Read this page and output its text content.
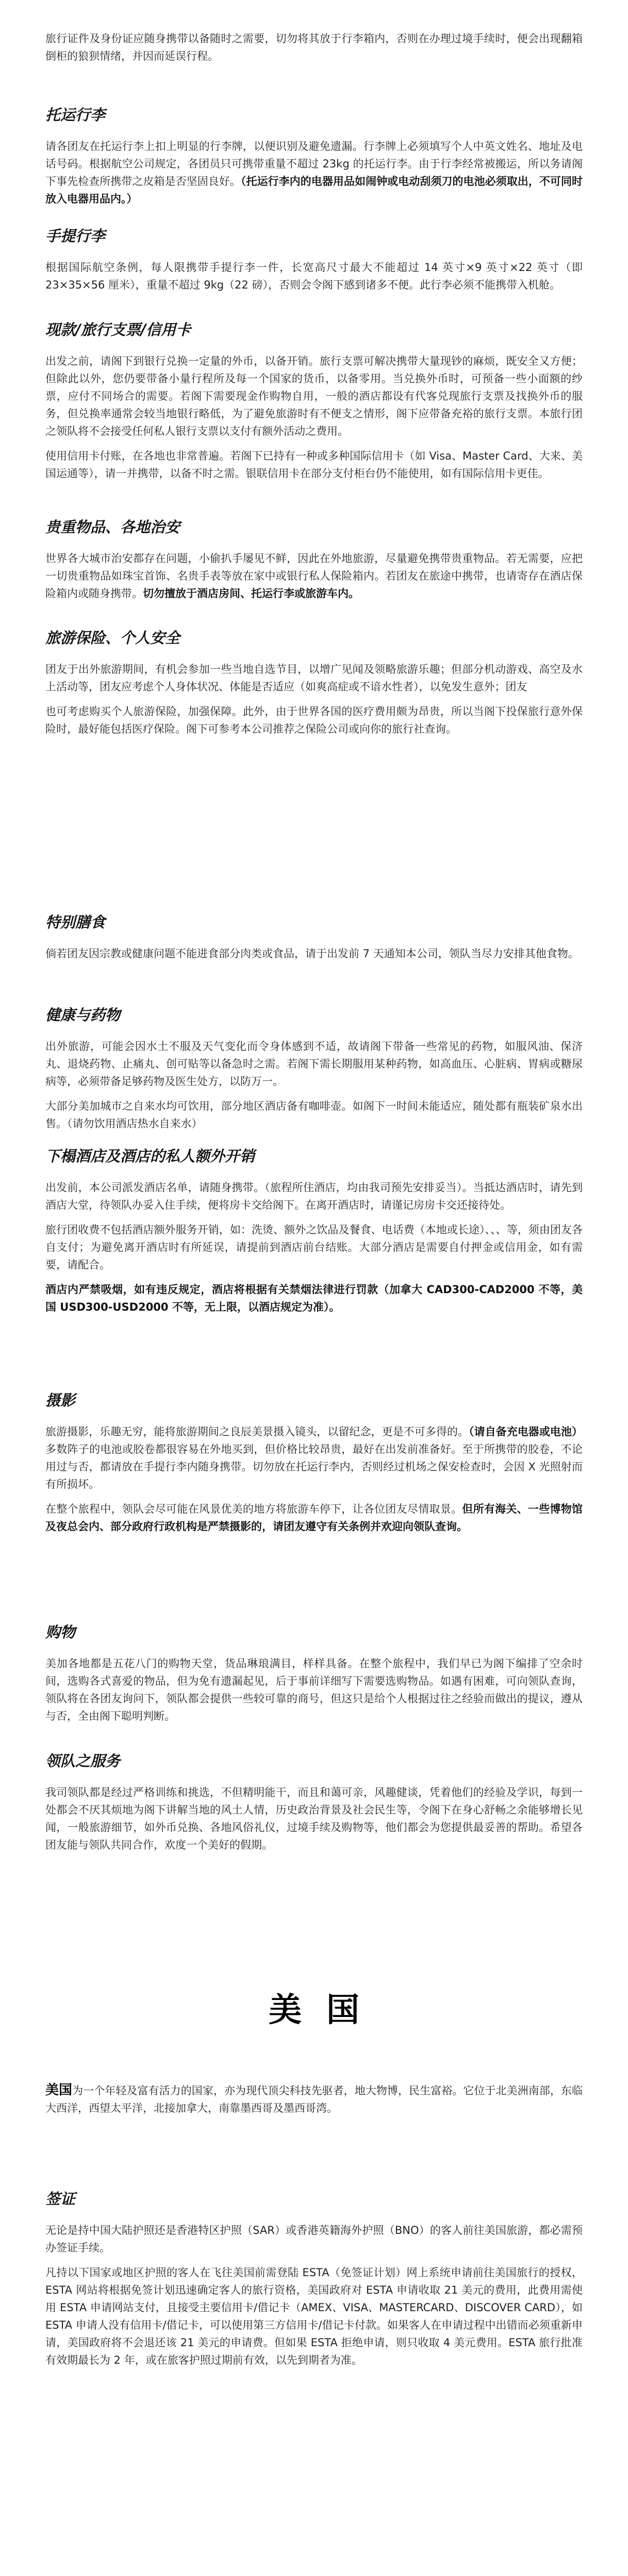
旅行证件及身份证应随身携带以备随时之需要，切勿将其放于行李箱内，否则在办理过境手续时，便会出现翻箱倒柜的狼狈情绪，并因而延误行程。

托运行李

请各团友在托运行李上扣上明显的行李牌，以便识别及避免遗漏。行李牌上必须填写个人中英文姓名、地址及电话号码。根据航空公司规定，各团员只可携带重量不超过 23kg 的托运行李。由于行李经常被搬运，所以务请阁下事先检查所携带之皮箱是否坚固良好。（托运行李内的电器用品如闹钟或电动刮须刀的电池必须取出，不可同时放入电器用品内。）

手提行李

根据国际航空条例，每人限携带手提行李一件，长宽高尺寸最大不能超过 14 英寸×9 英寸×22 英寸（即 23×35×56 厘米），重量不超过 9kg（22 磅），否则会令阁下感到诸多不便。此行李必须不能携带入机舱。

现款/旅行支票/信用卡

出发之前，请阁下到银行兑换一定量的外币，以备开销。旅行支票可解决携带大量现钞的麻烦，既安全又方便；但除此以外，您仍要带备小量行程所及每一个国家的货币，以备零用。当兑换外币时，可预备一些小面额的纱票，应付不同场合的需要。若阁下需要现金作购物自用，一般的酒店都设有代客兑现旅行支票及找换外币的服务，但兑换率通常会较当地银行略低，为了避免旅游时有不便支之情形，阁下应带备充裕的旅行支票。本旅行团之领队将不会接受任何私人银行支票以支付有额外活动之费用。

使用信用卡付账，在各地也非常普遍。若阁下已持有一种或多种国际信用卡（如 Visa、Master Card、大来、美国运通等），请一并携带，以备不时之需。银联信用卡在部分支付柜台仍不能使用，如有国际信用卡更佳。

贵重物品、各地治安

世界各大城市治安都存在问题，小偷扒手屡见不鲜，因此在外地旅游，尽量避免携带贵重物品。若无需要，应把一切贵重物品如珠宝首饰、名贵手表等放在家中或银行私人保险箱内。若团友在旅途中携带，也请寄存在酒店保险箱内或随身携带。切勿擅放于酒店房间、托运行李或旅游车内。

旅游保险、个人安全

团友于出外旅游期间，有机会参加一些当地自选节目，以增广见闻及领略旅游乐趣；但部分机动游戏、高空及水上活动等，团友应考虑个人身体状况、体能是否适应（如爽高症或不谙水性者），以免发生意外；团友

也可考虑购买个人旅游保险，加强保障。此外，由于世界各国的医疗费用颇为昂贵，所以当阁下投保旅行意外保险时，最好能包括医疗保险。阁下可参考本公司推荐之保险公司或向你的旅行社查询。

特别膳食

倘若团友因宗教或健康问题不能进食部分肉类或食品，请于出发前 7 天通知本公司，领队当尽力安排其他食物。

健康与药物

出外旅游，可能会因水土不服及天气变化而令身体感到不适，故请阁下带备一些常见的药物，如服风油、保济丸、退烧药物、止痛丸、创可贴等以备急时之需。若阁下需长期服用某种药物，如高血压、心脏病、胃病或糖尿病等，必须带备足够药物及医生处方，以防万一。

大部分美加城市之自来水均可饮用，部分地区酒店备有咖啡壶。如阁下一时间未能适应，随处都有瓶装矿泉水出售。（请勿饮用酒店热水自来水）

下榻酒店及酒店的私人额外开销

出发前，本公司派发酒店名单，请随身携带。（旅程所住酒店，均由我司预先安排妥当）。当抵达酒店时，请先到酒店大堂，待领队办妥入住手续，便将房卡交给阁下。在离开酒店时，请谨记房房卡交还接待处。

旅行团收费不包括酒店额外服务开销，如：洗烫、额外之饮品及餐食、电话费（本地或长途）、、、等，须由团友各自支付；为避免离开酒店时有所延误，请提前到酒店前台结账。大部分酒店是需要自付押金或信用金，如有需要，请配合。

酒店内严禁吸烟，如有违反规定，酒店将根据有关禁烟法律进行罚款（加拿大 CAD300-CAD2000 不等，美国 USD300-USD2000 不等，无上限，以酒店规定为准）。

摄影

旅游摄影，乐趣无穷，能将旅游期间之良辰美景摄入镜头，以留纪念，更是不可多得的。（请自备充电器或电池）多数阵子的电池或胶卷都很容易在外地买到，但价格比较昂贵，最好在出发前准备好。至于所携带的胶卷，不论用过与否，都请放在手提行李内随身携带。切勿放在托运行李内，否则经过机场之保安检查时，会因 X 光照射而有所损坏。

在整个旅程中，领队会尽可能在风景优美的地方将旅游车停下，让各位团友尽情取景。但所有海关、一些博物馆及夜总会内、部分政府行政机构是严禁摄影的，请团友遵守有关条例并欢迎向领队查询。

购物

美加各地都是五花八门的购物天堂，货品琳琅满目，样样具备。在整个旅程中，我们早已为阁下编排了空余时间，选购各式喜爱的物品，但为免有遗漏起见，后于事前详细写下需要选购物品。如遇有困难，可向领队查询，领队将在各团友询问下，领队都会提供一些较可靠的商号，但这只是给个人根据过往之经验而做出的提议，遵从与否，全由阁下聪明判断。

领队之服务

我司领队都是经过严格训练和挑选，不但精明能干，而且和蔼可亲，风趣健谈，凭着他们的经验及学识，每到一处都会不厌其烦地为阁下讲解当地的风土人情，历史政治背景及社会民生等，令阁下在身心舒畅之余能够增长见闻，一般旅游细节，如外币兑换、各地风俗礼仪，过境手续及购物等，他们都会为您提供最妥善的帮助。希望各团友能与领队共同合作，欢度一个美好的假期。

美国

美国为一个年轻及富有活力的国家，亦为现代顶尖科技先驱者，地大物博，民生富裕。它位于北美洲南部，东临大西洋，西望太平洋，北接加拿大，南靠墨西哥及墨西哥湾。

签证

无论是持中国大陆护照还是香港特区护照（SAR）或香港英籍海外护照（BNO）的客人前往美国旅游，都必需预办签证手续。

凡持以下国家或地区护照的客人在飞往美国前需登陆 ESTA（免签证计划）网上系统申请前往美国旅行的授权，ESTA 网站将根据免签计划迅速确定客人的旅行资格，美国政府对 ESTA 申请收取 21 美元的费用，此费用需使用 ESTA 申请网站支付，且接受主要信用卡/借记卡（AMEX、VISA、MASTERCARD、DISCOVER CARD），如 ESTA 申请人没有信用卡/借记卡，可以使用第三方信用卡/借记卡付款。如果客人在申请过程中出错而必须重新申请，美国政府将不会退还该 21 美元的申请费。但如果 ESTA 拒绝申请，则只收取 4 美元费用。ESTA 旅行批准有效期最长为 2 年，或在旅客护照过期前有效，以先到期者为准。
